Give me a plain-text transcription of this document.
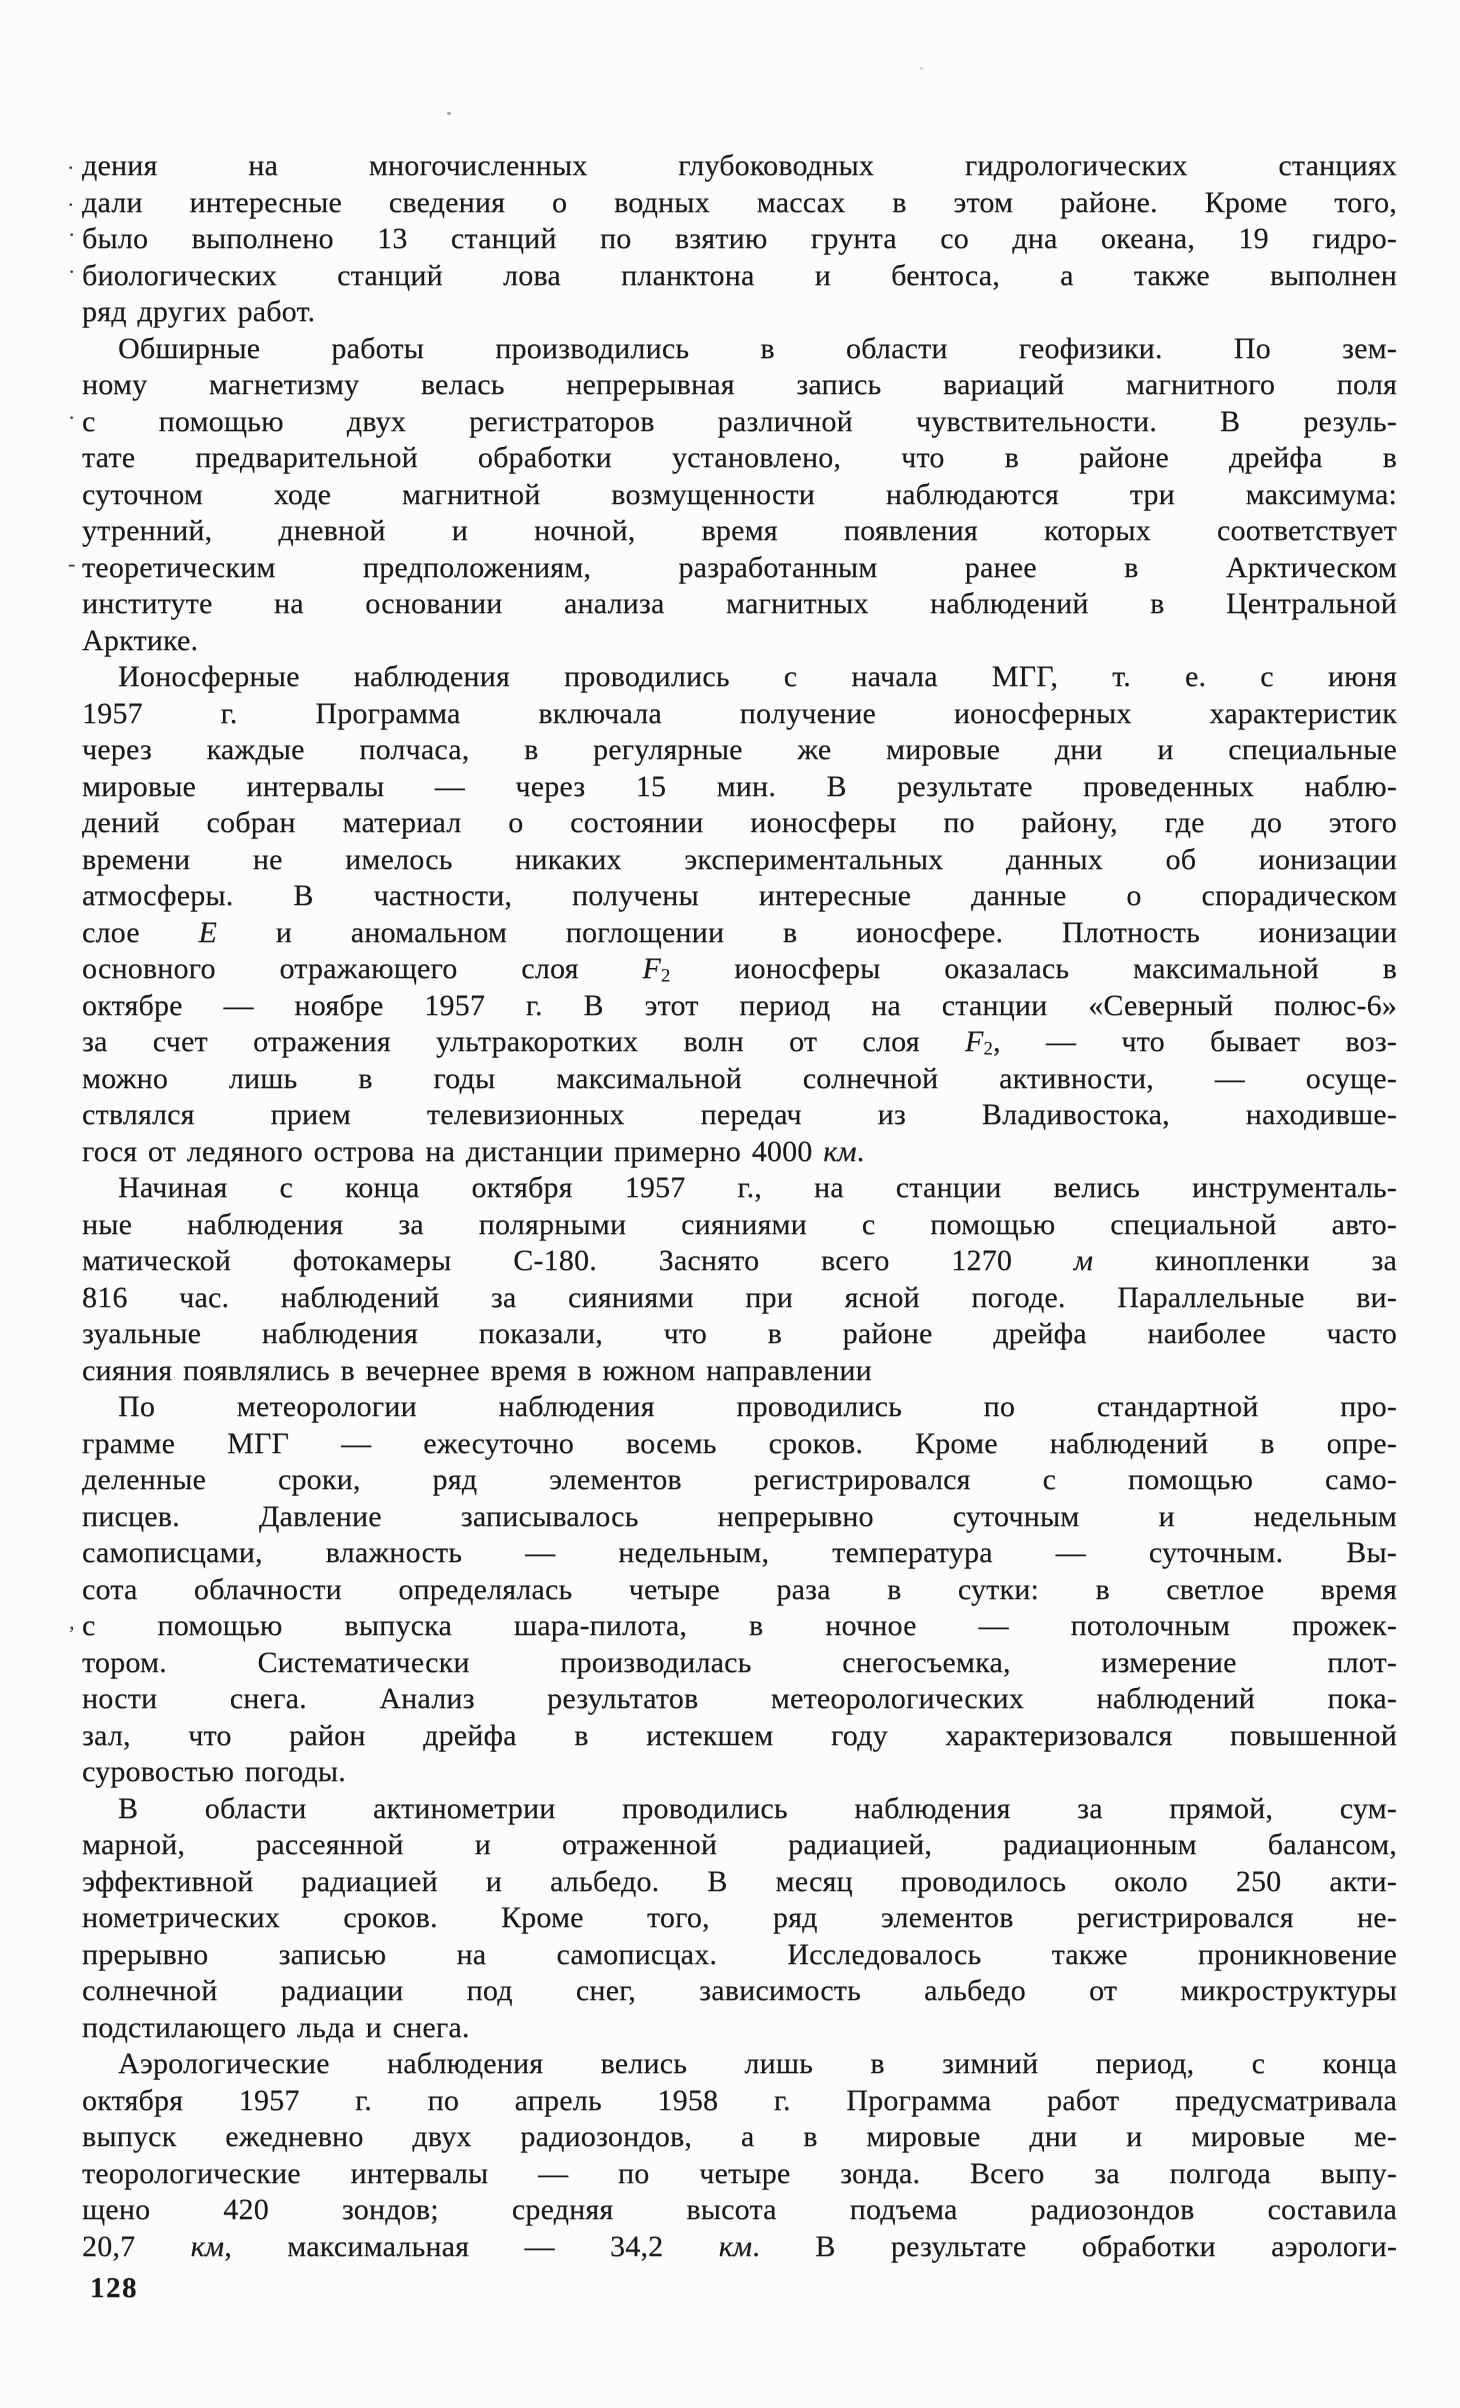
. дения на многочисленных глубоководных гидрологических станциях
. дали интересные сведения о водных массах в этом районе. Кроме того,
· было выполнено 13 станций по взятию грунта со дна океана, 19 гидро-
· биологических станций лова планктона и бентоса, а также выполнен
ряд других работ.
Обширные работы производились в области геофизики. По зем-
ному магнетизму велась непрерывная запись вариаций магнитного поля
· с помощью двух регистраторов различной чувствительности. В резуль-
тате предварительной обработки установлено, что в районе дрейфа в
суточном ходе магнитной возмущенности наблюдаются три максимума:
утренний, дневной и ночной, время появления которых соответствует
- теоретическим предположениям, разработанным ранее в Арктическом
институте на основании анализа магнитных наблюдений в Центральной
Арктике.
Ионосферные наблюдения проводились с начала МГГ, т. е. с июня
1957 г. Программа включала получение ионосферных характеристик
через каждые полчаса, в регулярные же мировые дни и специальные
мировые интервалы — через 15 мин. В результате проведенных наблю-
дений собран материал о состоянии ионосферы по району, где до этого
времени не имелось никаких экспериментальных данных об ионизации
атмосферы. В частности, получены интересные данные о спорадическом
слое Е и аномальном поглощении в ионосфере. Плотность ионизации
основного отражающего слоя $F_2$ ионосферы оказалась максимальной в
октябре — ноябре 1957 г. В этот период на станции «Северный полюс-6»
за счет отражения ультракоротких волн от слоя $F_2$, — что бывает воз-
можно лишь в годы максимальной солнечной активности, — осуще-
ствлялся прием телевизионных передач из Владивостока, находивше-
гося от ледяного острова на дистанции примерно 4000 км.
Начиная с конца октября 1957 г., на станции велись инструменталь-
ные наблюдения за полярными сияниями с помощью специальной авто-
матической фотокамеры С-180. Заснято всего 1270 м кинопленки за
816 час. наблюдений за сияниями при ясной погоде. Параллельные ви-
зуальные наблюдения показали, что в районе дрейфа наиболее часто
сияния появлялись в вечернее время в южном направлении
По метеорологии наблюдения проводились по стандартной про-
грамме МГГ — ежесуточно восемь сроков. Кроме наблюдений в опре-
деленные сроки, ряд элементов регистрировался с помощью само-
писцев. Давление записывалось непрерывно суточным и недельным
самописцами, влажность — недельным, температура — суточным. Вы-
сота облачности определялась четыре раза в сутки: в светлое время
‚ с помощью выпуска шара-пилота, в ночное — потолочным прожек-
тором. Систематически производилась снегосъемка, измерение плот-
ности снега. Анализ результатов метеорологических наблюдений пока-
зал, что район дрейфа в истекшем году характеризовался повышенной
суровостью погоды.
В области актинометрии проводились наблюдения за прямой, сум-
марной, рассеянной и отраженной радиацией, радиационным балансом,
эффективной радиацией и альбедо. В месяц проводилось около 250 акти-
нометрических сроков. Кроме того, ряд элементов регистрировался не-
прерывно записью на самописцах. Исследовалось также проникновение
солнечной радиации под снег, зависимость альбедо от микроструктуры
подстилающего льда и снега.
Аэрологические наблюдения велись лишь в зимний период, с конца
октября 1957 г. по апрель 1958 г. Программа работ предусматривала
выпуск ежедневно двух радиозондов, а в мировые дни и мировые ме-
теорологические интервалы — по четыре зонда. Всего за полгода выпу-
щено 420 зондов; средняя высота подъема радиозондов составила
20,7 км, максимальная — 34,2 км. В результате обработки аэрологи-
128
